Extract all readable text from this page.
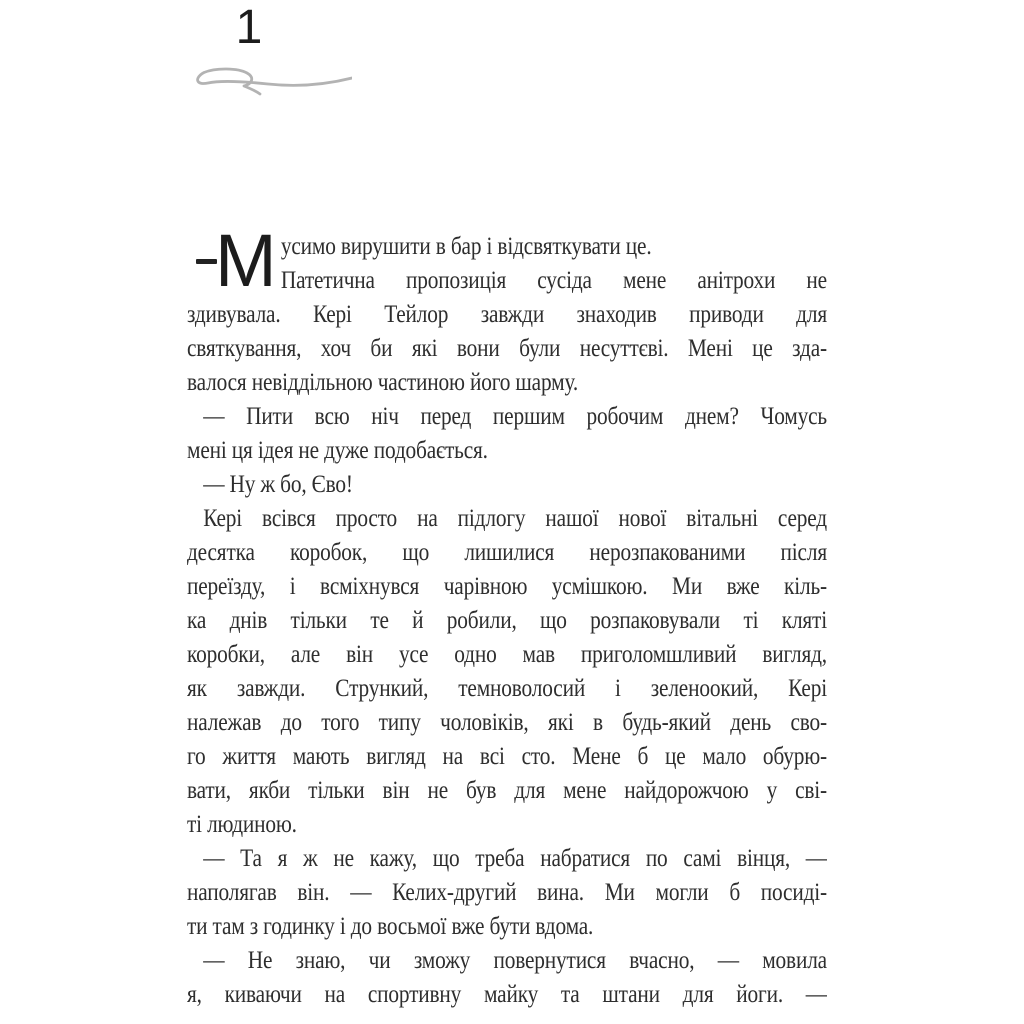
1
М усимо вирушити в бар і відсвяткувати це.
Патетична пропозиція сусіда мене анітрохи не
здивувала. Кері Тейлор завжди знаходив приводи для
святкування, хоч би які вони були несуттєві. Мені це зда-
валося невіддільною частиною його шарму.
— Пити всю ніч перед першим робочим днем? Чомусь
мені ця ідея не дуже подобається.
— Ну ж бо, Єво!
Кері всівся просто на підлогу нашої нової вітальні серед
десятка коробок, що лишилися нерозпакованими після
переїзду, і всміхнувся чарівною усмішкою. Ми вже кіль-
ка днів тільки те й робили, що розпаковували ті кляті
коробки, але він усе одно мав приголомшливий вигляд,
як завжди. Стрункий, темноволосий і зеленоокий, Кері
належав до того типу чоловіків, які в будь-який день сво-
го життя мають вигляд на всі сто. Мене б це мало обурю-
вати, якби тільки він не був для мене найдорожчою у сві-
ті людиною.
— Та я ж не кажу, що треба набратися по самі вінця, —
наполягав він. — Келих-другий вина. Ми могли б посиді-
ти там з годинку і до восьмої вже бути вдома.
— Не знаю, чи зможу повернутися вчасно, — мовила
я, киваючи на спортивну майку та штани для йоги. —
